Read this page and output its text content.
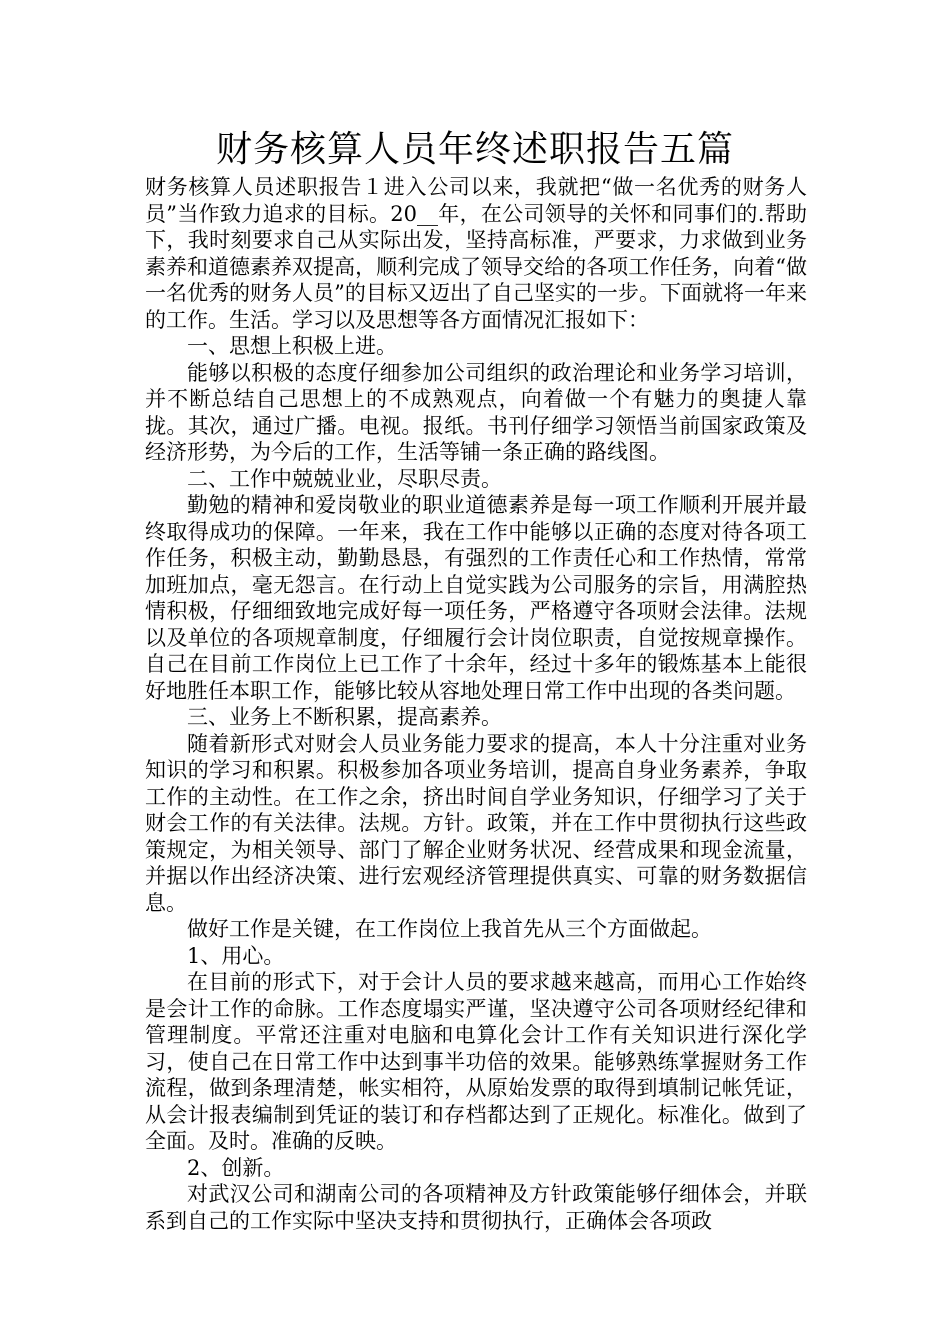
财务核算人员年终述职报告五篇

财务核算人员述职报告１进入公司以来，我就把“做一名优秀的财务人员”当作致力追求的目标。20__年，在公司领导的关怀和同事们的.帮助下，我时刻要求自己从实际出发，坚持高标准，严要求，力求做到业务素养和道德素养双提高，顺利完成了领导交给的各项工作任务，向着“做一名优秀的财务人员”的目标又迈出了自己坚实的一步。下面就将一年来的工作。生活。学习以及思想等各方面情况汇报如下：

一、思想上积极上进。

能够以积极的态度仔细参加公司组织的政治理论和业务学习培训，并不断总结自己思想上的不成熟观点，向着做一个有魅力的奥捷人靠拢。其次，通过广播。电视。报纸。书刊仔细学习领悟当前国家政策及经济形势，为今后的工作，生活等铺一条正确的路线图。

二、工作中兢兢业业，尽职尽责。

勤勉的精神和爱岗敬业的职业道德素养是每一项工作顺利开展并最终取得成功的保障。一年来，我在工作中能够以正确的态度对待各项工作任务，积极主动，勤勤恳恳，有强烈的工作责任心和工作热情，常常加班加点，毫无怨言。在行动上自觉实践为公司服务的宗旨，用满腔热情积极，仔细细致地完成好每一项任务，严格遵守各项财会法律。法规以及单位的各项规章制度，仔细履行会计岗位职责，自觉按规章操作。自己在目前工作岗位上已工作了十余年，经过十多年的锻炼基本上能很好地胜任本职工作，能够比较从容地处理日常工作中出现的各类问题。

三、业务上不断积累，提高素养。

随着新形式对财会人员业务能力要求的提高，本人十分注重对业务知识的学习和积累。积极参加各项业务培训，提高自身业务素养，争取工作的主动性。在工作之余，挤出时间自学业务知识，仔细学习了关于财会工作的有关法律。法规。方针。政策，并在工作中贯彻执行这些政策规定，为相关领导、部门了解企业财务状况、经营成果和现金流量，并据以作出经济决策、进行宏观经济管理提供真实、可靠的财务数据信息。

做好工作是关键，在工作岗位上我首先从三个方面做起。

1、用心。

在目前的形式下，对于会计人员的要求越来越高，而用心工作始终是会计工作的命脉。工作态度塌实严谨，坚决遵守公司各项财经纪律和管理制度。平常还注重对电脑和电算化会计工作有关知识进行深化学习，使自己在日常工作中达到事半功倍的效果。能够熟练掌握财务工作流程，做到条理清楚，帐实相符，从原始发票的取得到填制记帐凭证，从会计报表编制到凭证的装订和存档都达到了正规化。标准化。做到了全面。及时。准确的反映。

2、创新。

对武汉公司和湖南公司的各项精神及方针政策能够仔细体会，并联系到自己的工作实际中坚决支持和贯彻执行，正确体会各项政
